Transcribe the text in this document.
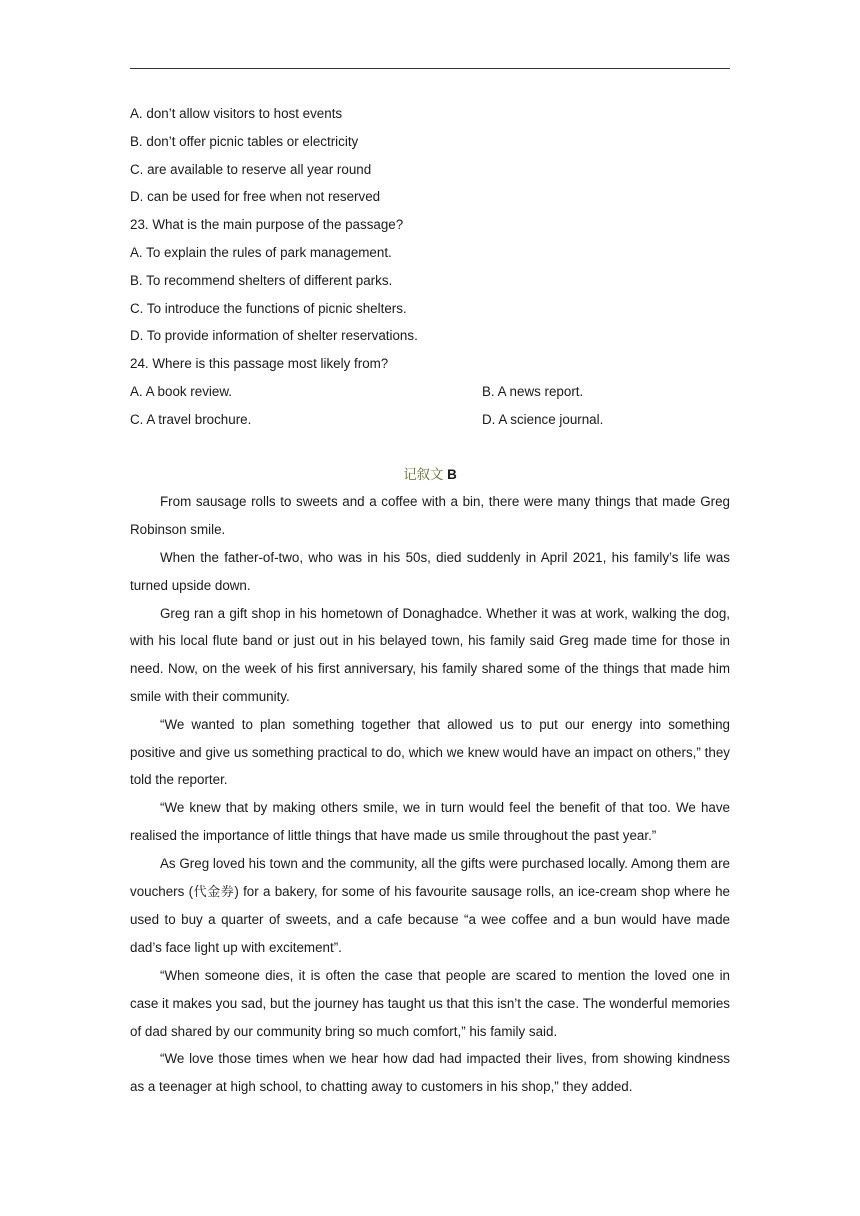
A. don’t allow visitors to host events
B. don’t offer picnic tables or electricity
C. are available to reserve all year round
D. can be used for free when not reserved
23. What is the main purpose of the passage?
A. To explain the rules of park management.
B. To recommend shelters of different parks.
C. To introduce the functions of picnic shelters.
D. To provide information of shelter reservations.
24. Where is this passage most likely from?
A. A book review.	B. A news report.
C. A travel brochure.	D. A science journal.
记叙文 B

From sausage rolls to sweets and a coffee with a bin, there were many things that made Greg Robinson smile.

When the father-of-two, who was in his 50s, died suddenly in April 2021, his family’s life was turned upside down.

Greg ran a gift shop in his hometown of Donaghadce. Whether it was at work, walking the dog, with his local flute band or just out in his belayed town, his family said Greg made time for those in need. Now, on the week of his first anniversary, his family shared some of the things that made him smile with their community.

“We wanted to plan something together that allowed us to put our energy into something positive and give us something practical to do, which we knew would have an impact on others,” they told the reporter.

“We knew that by making others smile, we in turn would feel the benefit of that too. We have realised the importance of little things that have made us smile throughout the past year.”

As Greg loved his town and the community, all the gifts were purchased locally. Among them are vouchers (代金券) for a bakery, for some of his favourite sausage rolls, an ice-cream shop where he used to buy a quarter of sweets, and a cafe because “a wee coffee and a bun would have made dad’s face light up with excitement”.

“When someone dies, it is often the case that people are scared to mention the loved one in case it makes you sad, but the journey has taught us that this isn’t the case. The wonderful memories of dad shared by our community bring so much comfort,” his family said.

“We love those times when we hear how dad had impacted their lives, from showing kindness as a teenager at high school, to chatting away to customers in his shop,” they added.
